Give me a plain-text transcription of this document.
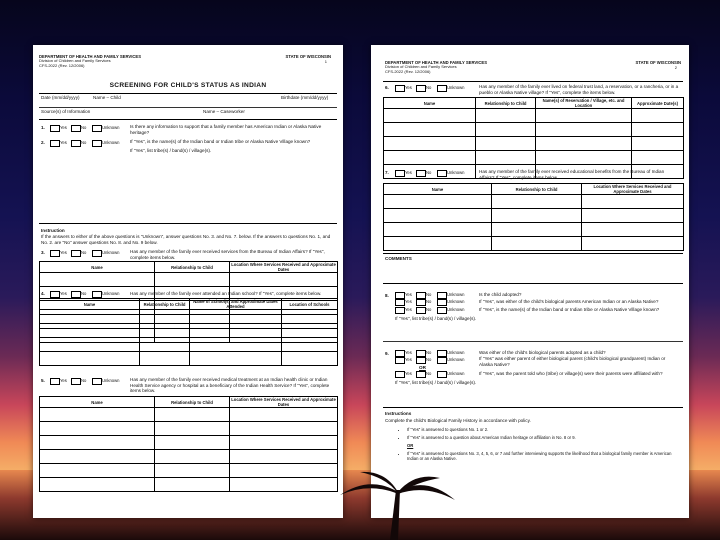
DEPARTMENT OF HEALTH AND FAMILY SERVICES
Division of Children and Family Services
CFS-2022 (Rev. 12/2006)
STATE OF WISCONSIN
1
SCREENING FOR CHILD'S STATUS AS INDIAN
Date (mm/dd/yyyy)	Name – Child	Birthdate (mm/dd/yyyy)
Source(s) of Information	Name – Caseworker
1.	Yes	No	Unknown Is there any information to support that a family member has American Indian or Alaska Native heritage?
2.	Yes	No	Unknown If "Yes", is the name(s) of the Indian band or Indian tribe or Alaska Native Village known?
If "Yes", list tribe(s) / band(s) / village(s).
Instruction
If the answers to either of the above questions is "Unknown", answer questions No. 3. and No. 7. below. If the answers to questions No. 1, and No. 2. are "No" answer questions No. 8. and No. 9 below.
3.	Yes	No	Unknown Has any member of the family ever received services from the Bureau of Indian Affairs? If "Yes", complete items below.
Name	Relationship to Child	Location Where Services Received and Approximate Dates

4.	Yes	No	Unknown Has any member of the family ever attended an Indian school? If "Yes", complete items below.
Name	Relationship to Child	Name of School(s) and Approximate Dates Attended	Location of Schools

5.	Yes	No	Unknown Has any member of the family ever received medical treatment at an Indian health clinic or Indian Health Service agency or hospital as a beneficiary of the Indian Health Service? If "Yes", complete items below.
Name	Relationship to Child	Location Where Services Received and Approximate Dates

DEPARTMENT OF HEALTH AND FAMILY SERVICES
Division of Children and Family Services
CFS-2022 (Rev. 12/2006)
STATE OF WISCONSIN
2
6.	Yes	No	Unknown	Has any member of the family ever lived on federal trust land, a reservation, or a rancheria, or in a pueblo or Alaska Native village? If "Yes", complete the items below.
Name	Relationship to Child	Name(s) of Reservation / Village, etc. and Location	Approximate Date(s)

7.	Yes	No	Unknown	Has any member of the family ever received educational benefits from the Bureau of Indian Affairs? If "Yes", complete items below.
Name	Relationship to Child	Location Where Services Received and Approximate Dates

COMMENTS
8.	Yes	No	Unknown	Is the child adopted?
Yes	No	Unknown	If "Yes", was either of the child's biological parents American Indian or an Alaska Native?
Yes	No	Unknown	If "Yes", is the name(s) of the Indian band or Indian tribe or Alaska Native Village known?
If "Yes", list tribe(s) / band(s) / village(s).
9.	Yes	No	Unknown	Was either of the child's biological parents adopted as a child?
Yes	No	Unknown	If "Yes" was either parent of either biological parent (child's biological grandparent) Indian or Alaska Native?
OR
Yes	No	Unknown	If "Yes", was the parent told who (tribe) or village(s) were their parents were affiliated with?
If "Yes", list tribe(s) / band(s) / village(s).
Instructions
Complete the child's Biological Family History in accordance with policy.
• If "Yes" is answered to questions No. 1 or 2.
• If "Yes" is answered to a question about American Indian heritage or affiliation in No. 8 or 9.
OR
• If "Yes" is answered to questions No. 3, 4, 5, 6, or 7 and further interviewing supports the likelihood that a biological family member is American Indian or an Alaska Native.
